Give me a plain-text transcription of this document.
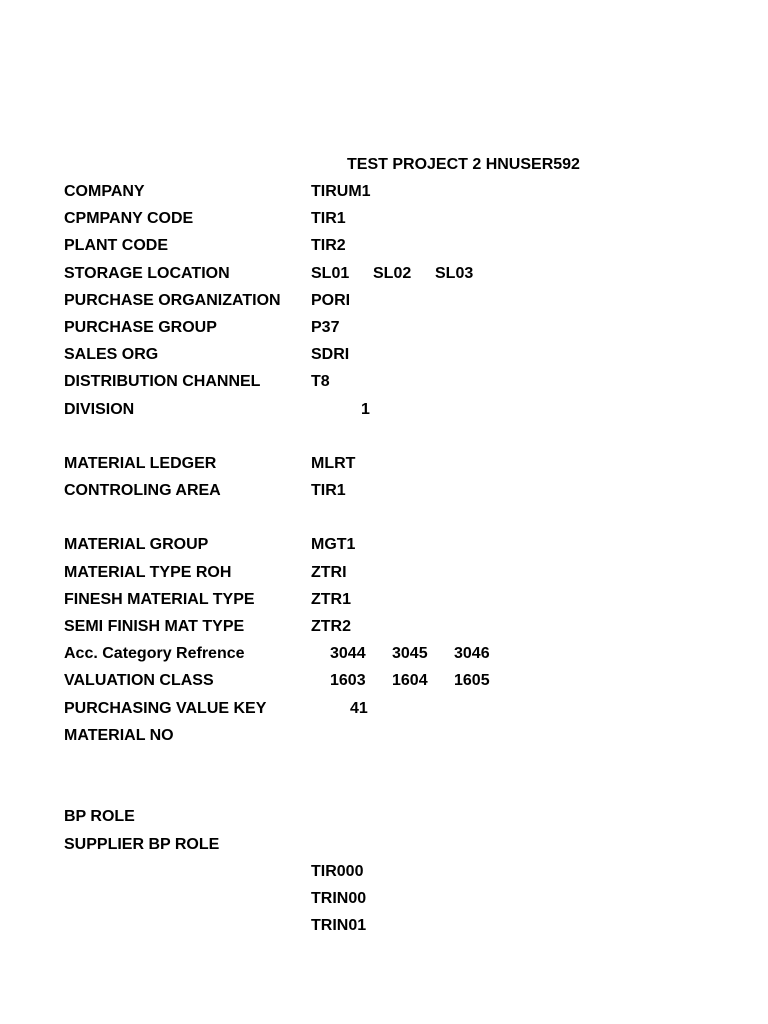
TEST PROJECT 2 HNUSER592
COMPANY	TIRUM1
CPMPANY CODE	TIR1
PLANT CODE	TIR2
STORAGE LOCATION	SL01 SL02 SL03
PURCHASE ORGANIZATION PORI
PURCHASE GROUP	P37
SALES ORG	SDRI
DISTRIBUTION CHANNEL	T8
DIVISION	1
MATERIAL LEDGER	MLRT
CONTROLING AREA	TIR1
MATERIAL GROUP	MGT1
MATERIAL TYPE ROH	ZTRI
FINESH MATERIAL TYPE	ZTR1
SEMI FINISH MAT TYPE	ZTR2
Acc. Category Refrence	3044 3045 3046
VALUATION CLASS	1603 1604 1605
PURCHASING VALUE KEY	41
MATERIAL NO
BP ROLE
SUPPLIER BP ROLE
TIR000
TRIN00
TRIN01
